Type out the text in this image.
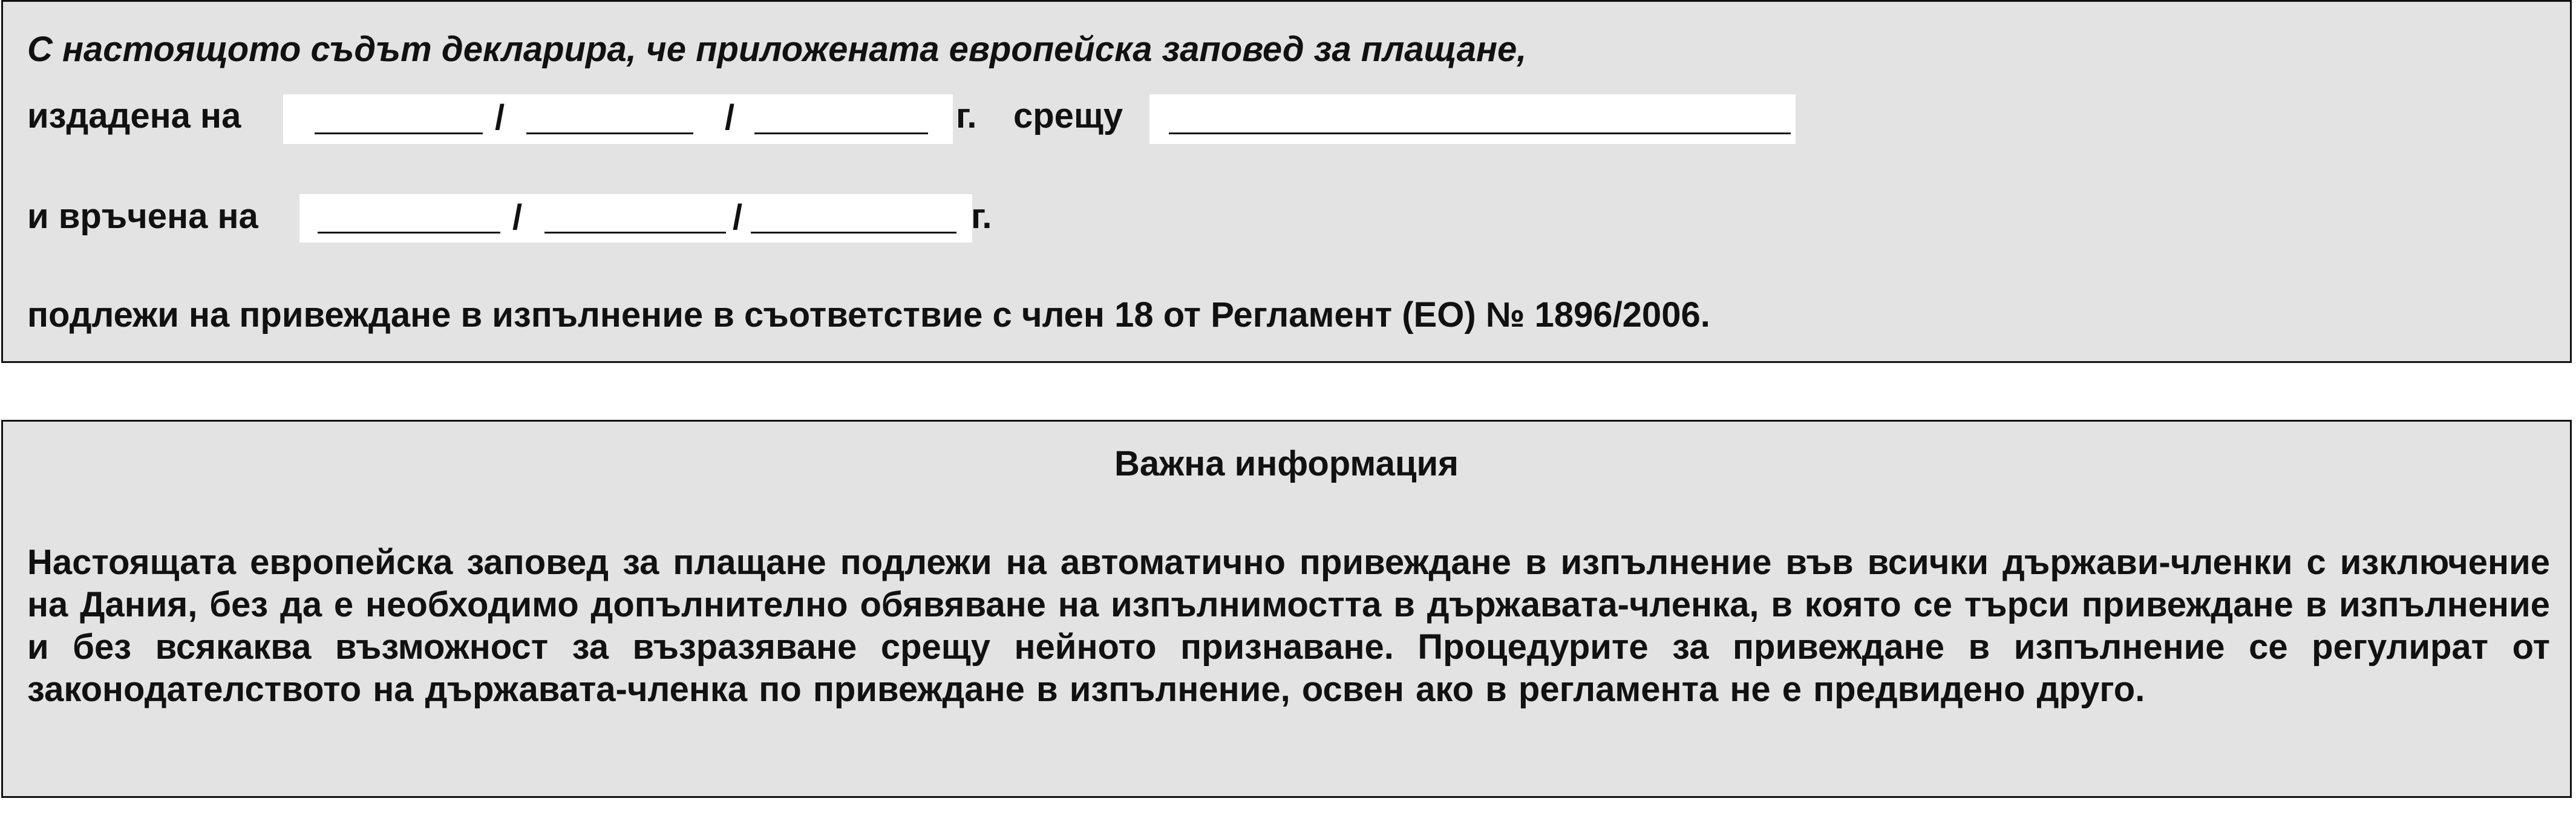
С настоящото съдът декларира, че приложената европейска заповед за плащане,
издадена на	/	/	г. срещу
и връчена на	/	/	г.
подлежи на привеждане в изпълнение в съответствие с член 18 от Регламент (ЕО) № 1896/2006.
Важна информация
Настоящата европейска заповед за плащане подлежи на автоматично привеждане в изпълнение във всички държави-членки с изключение на Дания, без да е необходимо допълнително обявяване на изпълнимостта в държавата-членка, в която се търси привеждане в изпълнение и без всякаква възможност за възразяване срещу нейното признаване. Процедурите за привеждане в изпълнение се регулират от законодателството на държавата-членка по привеждане в изпълнение, освен ако в регламента не е предвидено друго.
